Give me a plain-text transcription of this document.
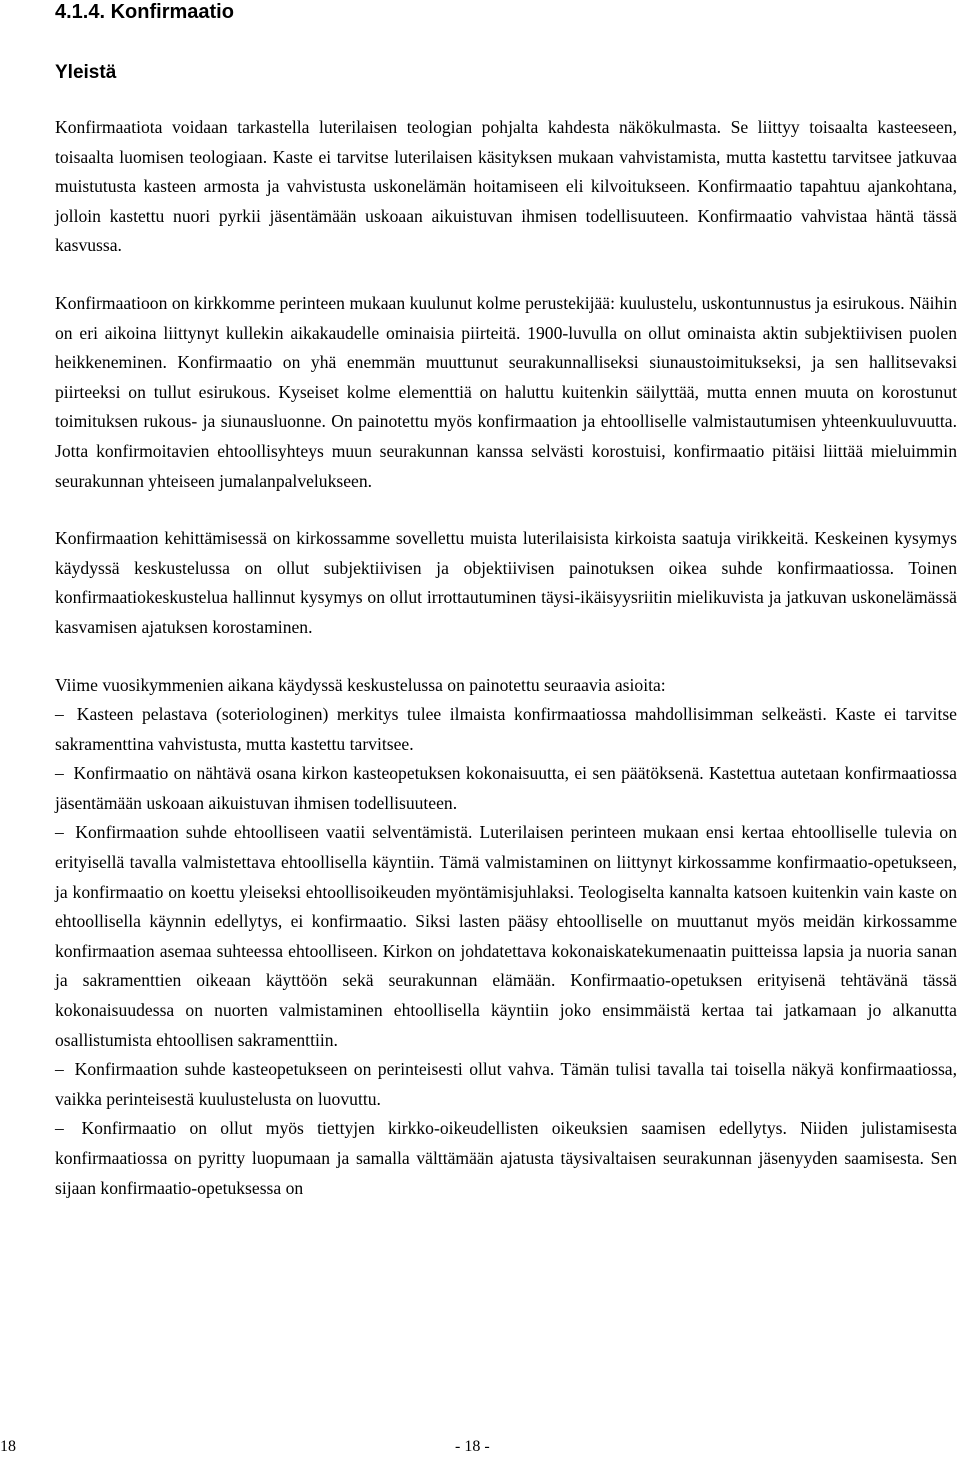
4.1.4. Konfirmaatio
Yleistä

Konfirmaatiota voidaan tarkastella luterilaisen teologian pohjalta kahdesta näkökulmasta. Se liittyy toisaalta kasteeseen, toisaalta luomisen teologiaan. Kaste ei tarvitse luterilaisen käsityksen mukaan vahvistamista, mutta kastettu tarvitsee jatkuvaa muistutusta kasteen armosta ja vahvistusta uskonelämän hoitamiseen eli kilvoitukseen. Konfirmaatio tapahtuu ajankohtana, jolloin kastettu nuori pyrkii jäsentämään uskoaan aikuistuvan ihmisen todellisuuteen. Konfirmaatio vahvistaa häntä tässä kasvussa.

Konfirmaatioon on kirkkomme perinteen mukaan kuulunut kolme perustekijää: kuulustelu, uskontunnustus ja esirukous. Näihin on eri aikoina liittynyt kullekin aikakaudelle ominaisia piirteitä. 1900-luvulla on ollut ominaista aktin subjektiivisen puolen heikkeneminen. Konfirmaatio on yhä enemmän muuttunut seurakunnalliseksi siunaustoimitukseksi, ja sen hallitsevaksi piirteeksi on tullut esirukous. Kyseiset kolme elementtiä on haluttu kuitenkin säilyttää, mutta ennen muuta on korostunut toimituksen rukous- ja siunausluonne. On painotettu myös konfirmaation ja ehtoolliselle valmistautumisen yhteenkuuluvuutta. Jotta konfirmoitavien ehtoollisyhteys muun seurakunnan kanssa selvästi korostuisi, konfirmaatio pitäisi liittää mieluimmin seurakunnan yhteiseen jumalanpalvelukseen.

Konfirmaation kehittämisessä on kirkossamme sovellettu muista luterilaisista kirkoista saatuja virikkeitä. Keskeinen kysymys käydyssä keskustelussa on ollut subjektiivisen ja objektiivisen painotuksen oikea suhde konfirmaatiossa. Toinen konfirmaatiokeskustelua hallinnut kysymys on ollut irrottautuminen täysi-ikäisyysriitin mielikuvista ja jatkuvan uskonelämässä kasvamisen ajatuksen korostaminen.

Viime vuosikymmenien aikana käydyssä keskustelussa on painotettu seuraavia asioita:

– Kasteen pelastava (soteriologinen) merkitys tulee ilmaista konfirmaatiossa mahdollisimman selkeästi. Kaste ei tarvitse sakramenttina vahvistusta, mutta kastettu tarvitsee.

– Konfirmaatio on nähtävä osana kirkon kasteopetuksen kokonaisuutta, ei sen päätöksenä. Kastettua autetaan konfirmaatiossa jäsentämään uskoaan aikuistuvan ihmisen todellisuuteen.

– Konfirmaation suhde ehtoolliseen vaatii selventämistä. Luterilaisen perinteen mukaan ensi kertaa ehtoolliselle tulevia on erityisellä tavalla valmistettava ehtoollisella käyntiin. Tämä valmistaminen on liittynyt kirkossamme konfirmaatio-opetukseen, ja konfirmaatio on koettu yleiseksi ehtoollisoikeuden myöntämisjuhlaksi. Teologiselta kannalta katsoen kuitenkin vain kaste on ehtoollisella käynnin edellytys, ei konfirmaatio. Siksi lasten pääsy ehtoolliselle on muuttanut myös meidän kirkossamme konfirmaation asemaa suhteessa ehtoolliseen. Kirkon on johdatettava kokonaiskatekumenaatin puitteissa lapsia ja nuoria sanan ja sakramenttien oikeaan käyttöön sekä seurakunnan elämään. Konfirmaatio-opetuksen erityisenä tehtävänä tässä kokonaisuudessa on nuorten valmistaminen ehtoollisella käyntiin joko ensimmäistä kertaa tai jatkamaan jo alkanutta osallistumista ehtoollisen sakramenttiin.

– Konfirmaation suhde kasteopetukseen on perinteisesti ollut vahva. Tämän tulisi tavalla tai toisella näkyä konfirmaatiossa, vaikka perinteisestä kuulustelusta on luovuttu.

– Konfirmaatio on ollut myös tiettyjen kirkko-oikeudellisten oikeuksien saamisen edellytys. Niiden julistamisesta konfirmaatiossa on pyritty luopumaan ja samalla välttämään ajatusta täysivaltaisen seurakunnan jäsenyyden saamisesta. Sen sijaan konfirmaatio-opetuksessa on

18	- 18 -
